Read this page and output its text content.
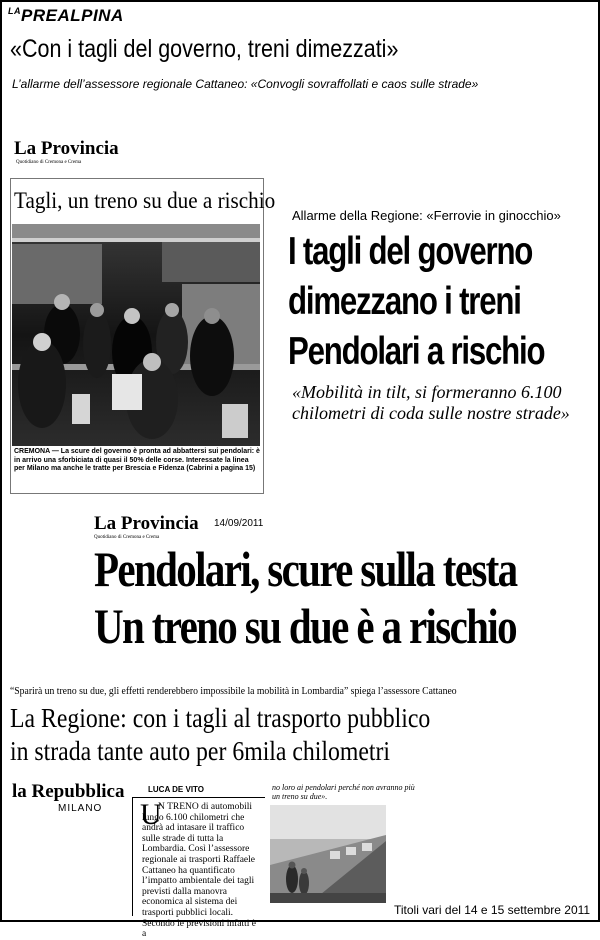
$^{LA}$PREALPINA
«Con i tagli del governo, treni dimezzati»
L’allarme dell’assessore regionale Cattaneo: «Convogli sovraffollati e caos sulle strade»
La Provincia
Quotidiano di Cremona e Crema
Tagli, un treno su due a rischio
CREMONA — La scure del governo è pronta ad abbattersi sui pendolari: è in arrivo una sforbiciata di quasi il 50% delle corse. Interessate la linea per Milano ma anche le tratte per Brescia e Fidenza (Cabrini a pagina 15)
Allarme della Regione: «Ferrovie in ginocchio»
I tagli del governo
dimezzano i treni
Pendolari a rischio
«Mobilità in tilt, si formeranno 6.100
chilometri di coda sulle nostre strade»
La Provincia
Quotidiano di Cremona e Crema
14/09/2011
Pendolari, scure sulla testa
Un treno su due è a rischio
“Sparirà un treno su due, gli effetti renderebbero impossibile la mobilità in Lombardia” spiega l’assessore Cattaneo
La Regione: con i tagli al trasporto pubblico
in strada tante auto per 6mila chilometri
la Repubblica
MILANO
LUCA DE VITO
U
N TRENO di automobili lungo 6.100 chilometri che andrà ad intasare il traffico sulle strade di tutta la Lombardia. Così l’assessore regionale ai trasporti Raffaele Cattaneo ha quantificato l’impatto ambientale dei tagli previsti dalla manovra economica al sistema dei trasporti pubblici locali. Secondo le previsioni infatti è a
no loro ai pendolari perché non avranno più un treno su due».
Titoli vari del 14 e 15 settembre 2011
